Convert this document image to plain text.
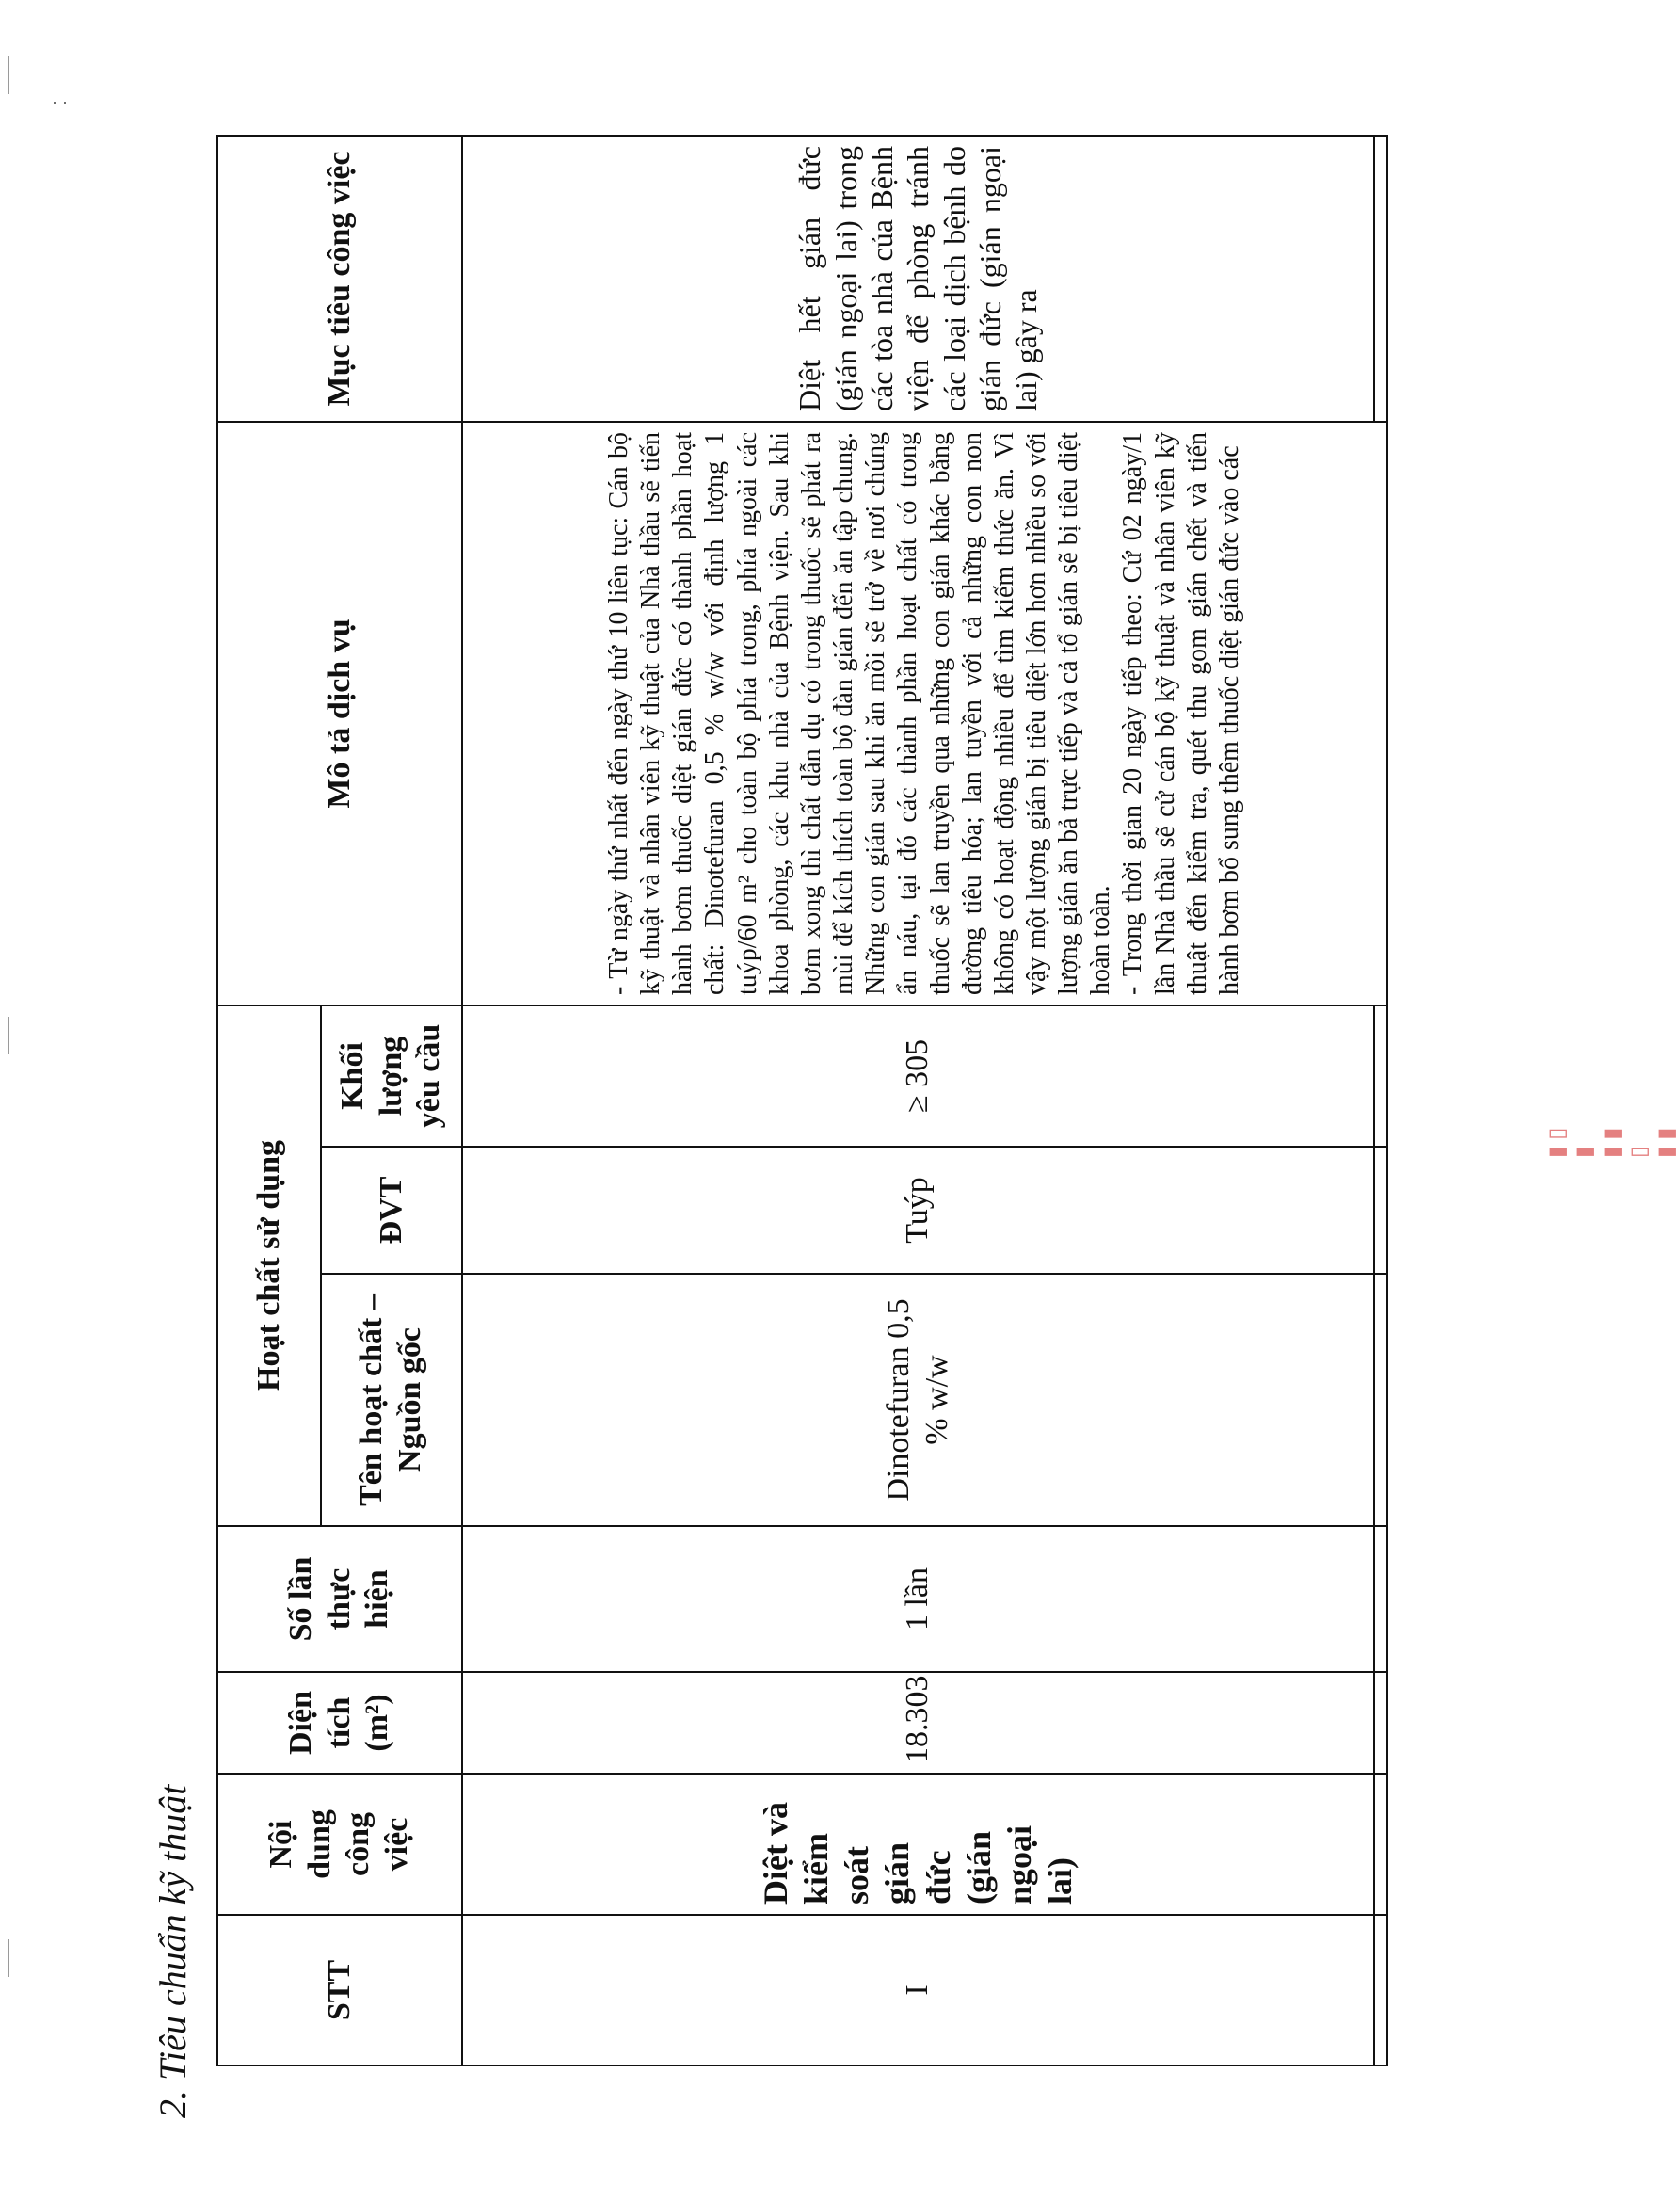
· ·
▮▯ ▮ ▮▮ ▯ ▮▮
2. Tiêu chuẩn kỹ thuật	STT	Nội dung công việc	Diện tích (m²)	Số lần thực hiện	Hoạt chất sử dụng			Mô tả dịch vụ	Mục tiêu công việc
				Tên hoạt chất – Nguồn gốc	ĐVT	Khối lượng yêu cầu		
I	Diệt và kiểm soát gián đức (gián ngoại lai)	18.303	1 lần	Dinotefuran 0,5 % w/w	Tuýp	≥ 305	- Từ ngày thứ nhất đến ngày thứ 10 liên tục: Cán bộ kỹ thuật và nhân viên kỹ thuật của Nhà thầu sẽ tiến hành bơm thuốc diệt gián đức có thành phần hoạt chất: Dinotefuran 0,5 % w/w với định lượng 1 tuýp/60 m² cho toàn bộ phía trong, phía ngoài các khoa phòng, các khu nhà của Bệnh viện. Sau khi bơm xong thì chất dẫn dụ có trong thuốc sẽ phát ra mùi để kích thích toàn bộ đàn gián đến ăn tập chung. Những con gián sau khi ăn mồi sẽ trở về nơi chúng ẩn náu, tại đó các thành phần hoạt chất có trong thuốc sẽ lan truyền qua những con gián khác bằng đường tiêu hóa; lan tuyền với cả những con non không có hoạt động nhiều để tìm kiếm thức ăn. Vì vậy một lượng gián bị tiêu diệt lớn hơn nhiều so với lượng gián ăn bả trực tiếp và cả tổ gián sẽ bị tiêu diệt hoàn toàn. - Trong thời gian 20 ngày tiếp theo: Cứ 02 ngày/1 lần Nhà thầu sẽ cử cán bộ kỹ thuật và nhân viên kỹ thuật đến kiểm tra, quét thu gom gián chết và tiến hành bơm bổ sung thêm thuốc diệt gián đức vào các	Diệt hết gián đức (gián ngoại lai) trong các tòa nhà của Bệnh viện để phòng tránh các loại dịch bệnh do gián đức (gián ngoại lai) gây ra
